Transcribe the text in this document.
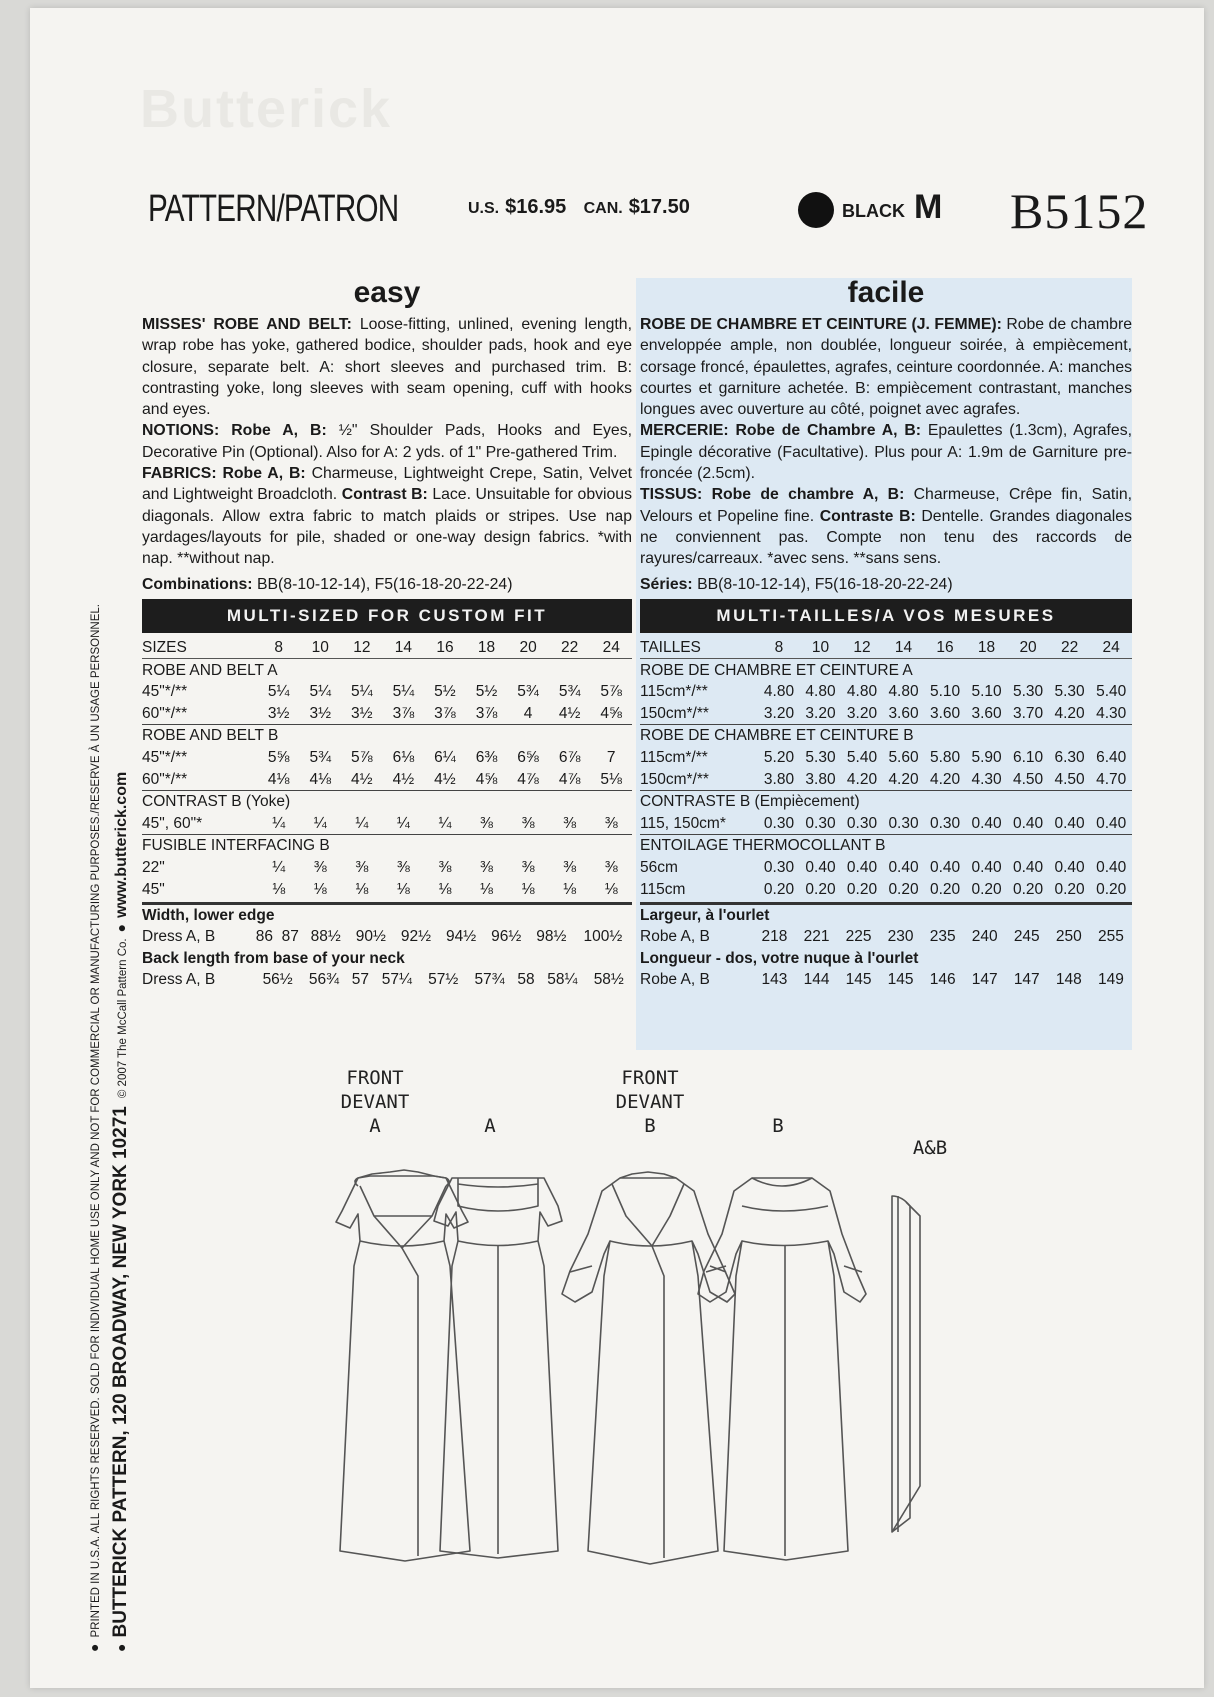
Butterick
PATTERN/PATRON	U.S. $16.95 CAN. $17.50	BLACK M B5152
●BUTTERICK PATTERN, 120 BROADWAY, NEW YORK 10271© 2007 The McCall Pattern Co.●www.butterick.com
●PRINTED IN U.S.A. ALL RIGHTS RESERVED. SOLD FOR INDIVIDUAL HOME USE ONLY AND NOT FOR COMMERCIAL OR MANUFACTURING PURPOSES./RESERVE À UN USAGE PERSONNEL.
easy

MISSES' ROBE AND BELT: Loose-fitting, unlined, evening length, wrap robe has yoke, gathered bodice, shoulder pads, hook and eye closure, separate belt. A: short sleeves and purchased trim. B: contrasting yoke, long sleeves with seam opening, cuff with hooks and eyes.

NOTIONS: Robe A, B: ½" Shoulder Pads, Hooks and Eyes, Decorative Pin (Optional). Also for A: 2 yds. of 1" Pre-gathered Trim.

FABRICS: Robe A, B: Charmeuse, Lightweight Crepe, Satin, Velvet and Lightweight Broadcloth. Contrast B: Lace. Unsuitable for obvious diagonals. Allow extra fabric to match plaids or stripes. Use nap yardages/layouts for pile, shaded or one-way design fabrics. *with nap. **without nap.

Combinations: BB(8-10-12-14), F5(16-18-20-22-24)
MULTI-SIZED FOR CUSTOM FIT
SIZES	8	10	12	14	16	18	20	22	24
ROBE AND BELT A									
45"*/**	5¼	5¼	5¼	5¼	5½	5½	5¾	5¾	5⅞
60"*/**	3½	3½	3½	3⅞	3⅞	3⅞	4	4½	4⅝
ROBE AND BELT B									
45"*/**	5⅝	5¾	5⅞	6⅛	6¼	6⅜	6⅝	6⅞	7
60"*/**	4⅛	4⅛	4½	4½	4½	4⅝	4⅞	4⅞	5⅛
CONTRAST B (Yoke)									
45", 60"*	¼	¼	¼	¼	¼	⅜	⅜	⅜	⅜
FUSIBLE INTERFACING B									
22"	¼	⅜	⅜	⅜	⅜	⅜	⅜	⅜	⅜
45"	⅛	⅛	⅛	⅛	⅛	⅛	⅛	⅛	⅛
Width, lower edge
Dress A, B	86	87	88½	90½	92½	94½	96½	98½	100½
Back length from base of your neck
Dress A, B	56½	56¾	57	57¼	57½	57¾	58	58¼	58½
facile

ROBE DE CHAMBRE ET CEINTURE (J. FEMME): Robe de chambre enveloppée ample, non doublée, longueur soirée, à empiècement, corsage froncé, épaulettes, agrafes, ceinture coordonnée. A: manches courtes et garniture achetée. B: empiècement contrastant, manches longues avec ouverture au côté, poignet avec agrafes.

MERCERIE: Robe de Chambre A, B: Epaulettes (1.3cm), Agrafes, Epingle décorative (Facultative). Plus pour A: 1.9m de Garniture pre-froncée (2.5cm).

TISSUS: Robe de chambre A, B: Charmeuse, Crêpe fin, Satin, Velours et Popeline fine. Contraste B: Dentelle. Grandes diagonales ne conviennent pas. Compte non tenu des raccords de rayures/carreaux. *avec sens. **sans sens.

Séries: BB(8-10-12-14), F5(16-18-20-22-24)
MULTI-TAILLES/A VOS MESURES
TAILLES	8	10	12	14	16	18	20	22	24
ROBE DE CHAMBRE ET CEINTURE A									
115cm*/**	4.80	4.80	4.80	4.80	5.10	5.10	5.30	5.30	5.40
150cm*/**	3.20	3.20	3.20	3.60	3.60	3.60	3.70	4.20	4.30
ROBE DE CHAMBRE ET CEINTURE B									
115cm*/**	5.20	5.30	5.40	5.60	5.80	5.90	6.10	6.30	6.40
150cm*/**	3.80	3.80	4.20	4.20	4.20	4.30	4.50	4.50	4.70
CONTRASTE B (Empiècement)									
115, 150cm*	0.30	0.30	0.30	0.30	0.30	0.40	0.40	0.40	0.40
ENTOILAGE THERMOCOLLANT B									
56cm	0.30	0.40	0.40	0.40	0.40	0.40	0.40	0.40	0.40
115cm	0.20	0.20	0.20	0.20	0.20	0.20	0.20	0.20	0.20
Largeur, à l'ourlet
Robe A, B	218	221	225	230	235	240	245	250	255
Longueur - dos, votre nuque à l'ourlet
Robe A, B	143	144	145	145	146	147	147	148	149
FRONT
DEVANT
A	A
FRONT
DEVANT
B	B
A&B
